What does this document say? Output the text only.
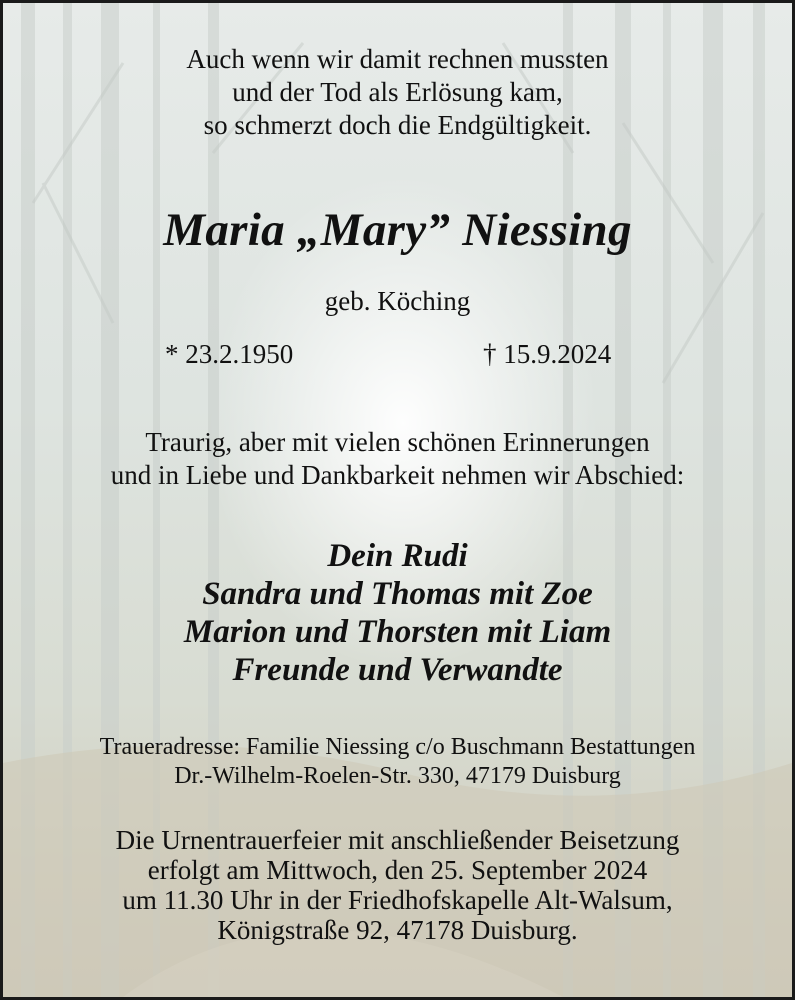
Auch wenn wir damit rechnen mussten
und der Tod als Erlösung kam,
so schmerzt doch die Endgültigkeit.
Maria „Mary” Niessing
geb. Köching
* 23.2.1950	† 15.9.2024
Traurig, aber mit vielen schönen Erinnerungen
und in Liebe und Dankbarkeit nehmen wir Abschied:
Dein Rudi
Sandra und Thomas mit Zoe
Marion und Thorsten mit Liam
Freunde und Verwandte
Traueradresse: Familie Niessing c/o Buschmann Bestattungen
Dr.-Wilhelm-Roelen-Str. 330, 47179 Duisburg
Die Urnentrauerfeier mit anschließender Beisetzung
erfolgt am Mittwoch, den 25. September 2024
um 11.30 Uhr in der Friedhofskapelle Alt-Walsum,
Königstraße 92, 47178 Duisburg.
